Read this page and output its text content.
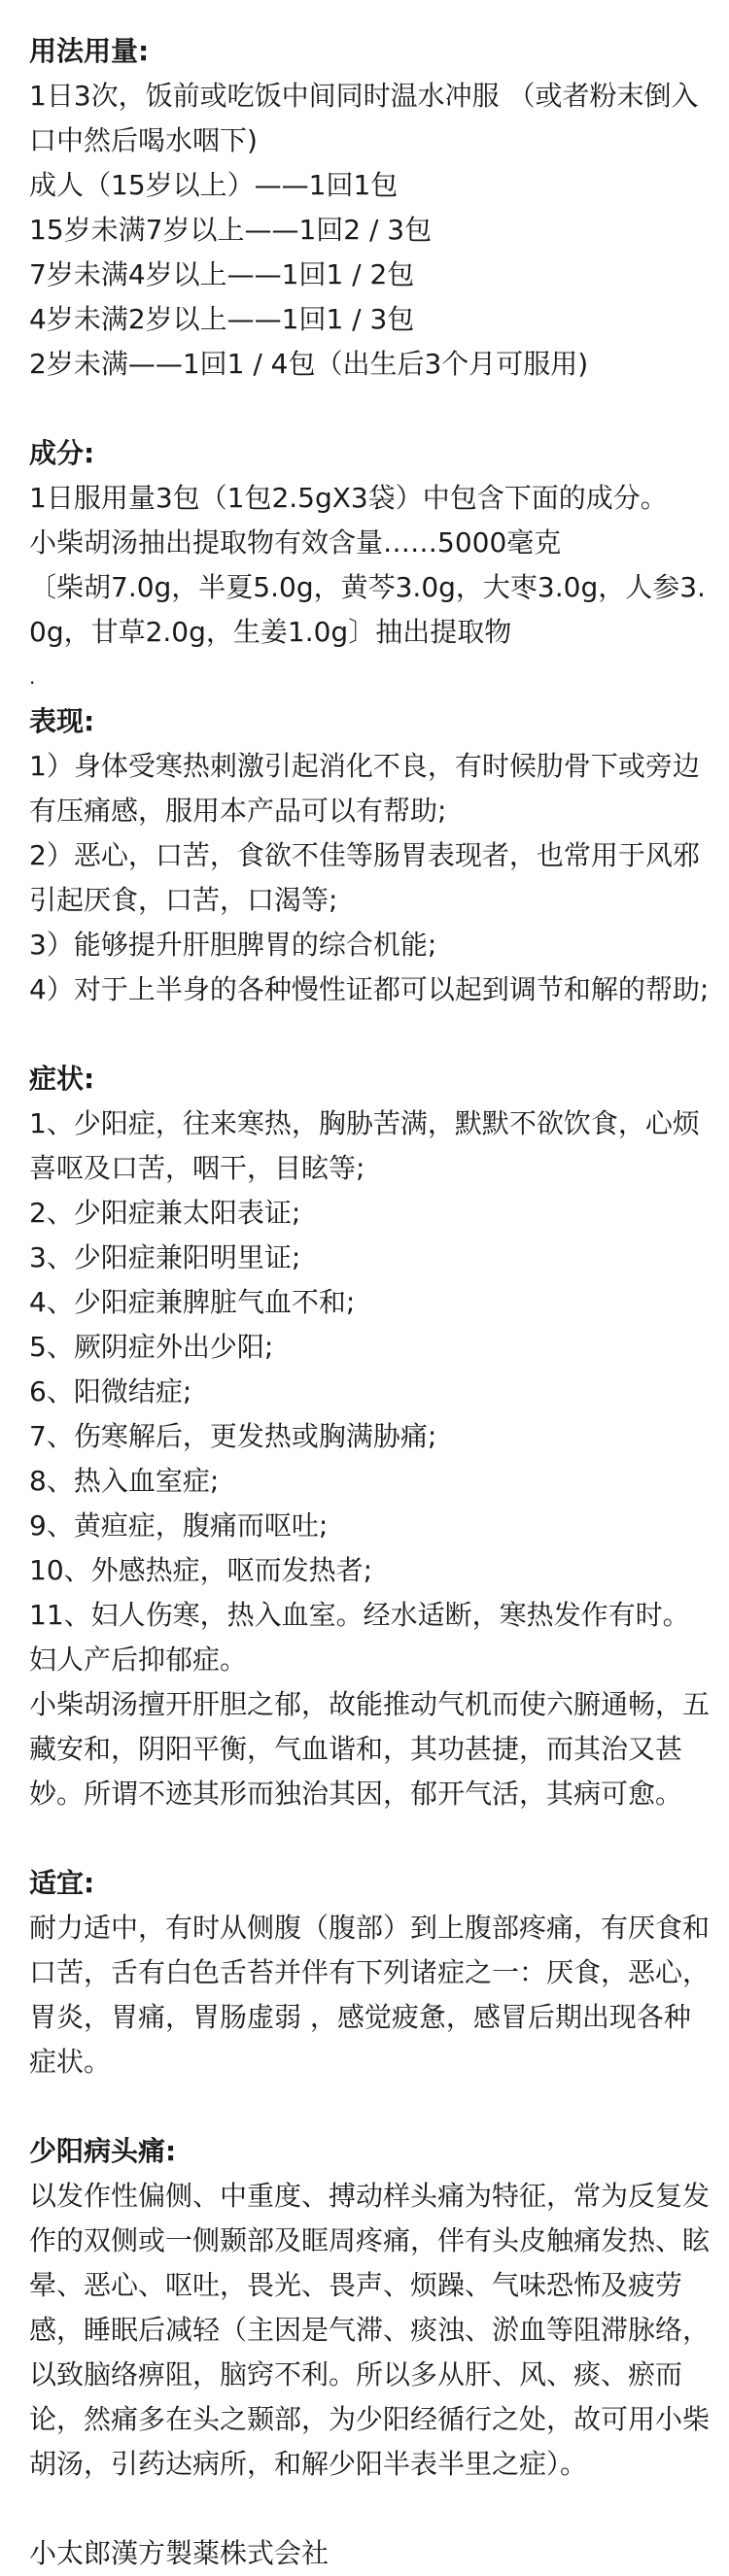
用法用量:
1日3次，饭前或吃饭中间同时温水冲服 （或者粉末倒入口中然后喝水咽下)
成人（15岁以上）——1回1包
15岁未满7岁以上——1回2 / 3包
7岁未满4岁以上——1回1 / 2包
4岁未满2岁以上——1回1 / 3包
2岁未满——1回1 / 4包（出生后3个月可服用)
成分:
1日服用量3包（1包2.5gX3袋）中包含下面的成分。
小柴胡汤抽出提取物有效含量……5000毫克
〔柴胡7.0g，半夏5.0g，黄芩3.0g，大枣3.0g，人参3.0g，甘草2.0g，生姜1.0g〕抽出提取物
.
表现:
1）身体受寒热刺激引起消化不良，有时候肋骨下或旁边有压痛感，服用本产品可以有帮助;
2）恶心，口苦，食欲不佳等肠胃表现者，也常用于风邪引起厌食，口苦，口渴等;
3）能够提升肝胆脾胃的综合机能;
4）对于上半身的各种慢性证都可以起到调节和解的帮助;
症状:
1、少阳症，往来寒热，胸胁苦满，默默不欲饮食，心烦喜呕及口苦，咽干，目眩等;
2、少阳症兼太阳表证;
3、少阳症兼阳明里证;
4、少阳症兼脾脏气血不和;
5、厥阴症外出少阳;
6、阳微结症;
7、伤寒解后，更发热或胸满胁痛;
8、热入血室症;
9、黄疸症，腹痛而呕吐;
10、外感热症，呕而发热者;
11、妇人伤寒，热入血室。经水适断，寒热发作有时。妇人产后抑郁症。
小柴胡汤擅开肝胆之郁，故能推动气机而使六腑通畅，五藏安和，阴阳平衡，气血谐和，其功甚捷，而其治又甚妙。所谓不迹其形而独治其因，郁开气活，其病可愈。
适宜:
耐力适中，有时从侧腹（腹部）到上腹部疼痛，有厌食和口苦，舌有白色舌苔并伴有下列诸症之一：厌食，恶心，胃炎，胃痛，胃肠虚弱 ，感觉疲惫，感冒后期出现各种症状。
少阳病头痛:
以发作性偏侧、中重度、搏动样头痛为特征，常为反复发作的双侧或一侧颞部及眶周疼痛，伴有头皮触痛发热、眩晕、恶心、呕吐，畏光、畏声、烦躁、气味恐怖及疲劳感，睡眠后减轻（主因是气滞、痰浊、淤血等阻滞脉络，以致脑络痹阻，脑窍不利。所以多从肝、风、痰、瘀而论，然痛多在头之颞部，为少阳经循行之处，故可用小柴胡汤，引药达病所，和解少阳半表半里之症）。
小太郎漢方製薬株式会社
